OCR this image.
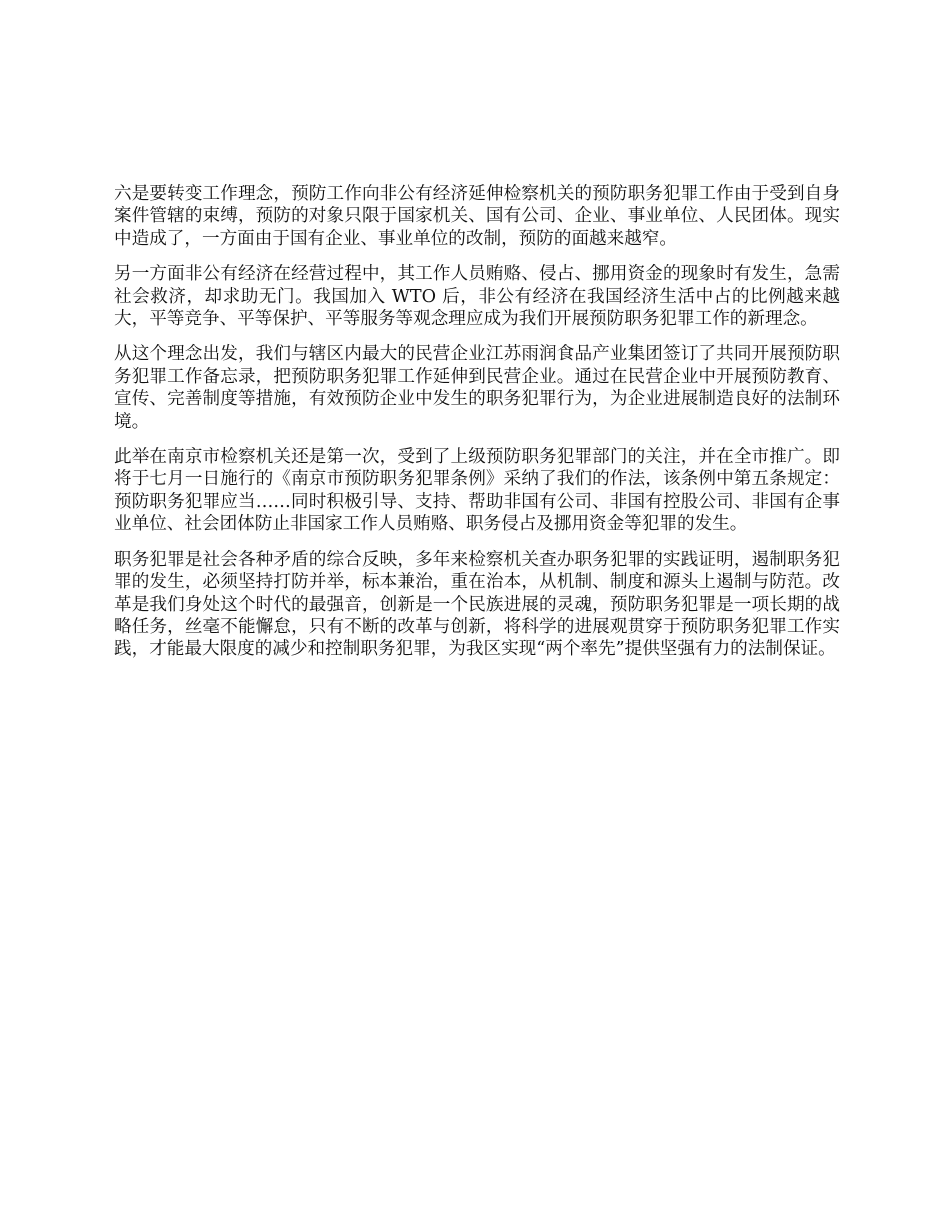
六是要转变工作理念，预防工作向非公有经济延伸检察机关的预防职务犯罪工作由于受到自身案件管辖的束缚，预防的对象只限于国家机关、国有公司、企业、事业单位、人民团体。现实中造成了，一方面由于国有企业、事业单位的改制，预防的面越来越窄。

另一方面非公有经济在经营过程中，其工作人员贿赂、侵占、挪用资金的现象时有发生，急需社会救济，却求助无门。我国加入 WTO 后，非公有经济在我国经济生活中占的比例越来越大，平等竞争、平等保护、平等服务等观念理应成为我们开展预防职务犯罪工作的新理念。

从这个理念出发，我们与辖区内最大的民营企业江苏雨润食品产业集团签订了共同开展预防职务犯罪工作备忘录，把预防职务犯罪工作延伸到民营企业。通过在民营企业中开展预防教育、宣传、完善制度等措施，有效预防企业中发生的职务犯罪行为，为企业进展制造良好的法制环境。

此举在南京市检察机关还是第一次，受到了上级预防职务犯罪部门的关注，并在全市推广。即将于七月一日施行的《南京市预防职务犯罪条例》采纳了我们的作法，该条例中第五条规定：预防职务犯罪应当……同时积极引导、支持、帮助非国有公司、非国有控股公司、非国有企事业单位、社会团体防止非国家工作人员贿赂、职务侵占及挪用资金等犯罪的发生。

职务犯罪是社会各种矛盾的综合反映，多年来检察机关查办职务犯罪的实践证明，遏制职务犯罪的发生，必须坚持打防并举，标本兼治，重在治本，从机制、制度和源头上遏制与防范。改革是我们身处这个时代的最强音，创新是一个民族进展的灵魂，预防职务犯罪是一项长期的战略任务，丝毫不能懈怠，只有不断的改革与创新，将科学的进展观贯穿于预防职务犯罪工作实践，才能最大限度的减少和控制职务犯罪，为我区实现“两个率先”提供坚强有力的法制保证。
